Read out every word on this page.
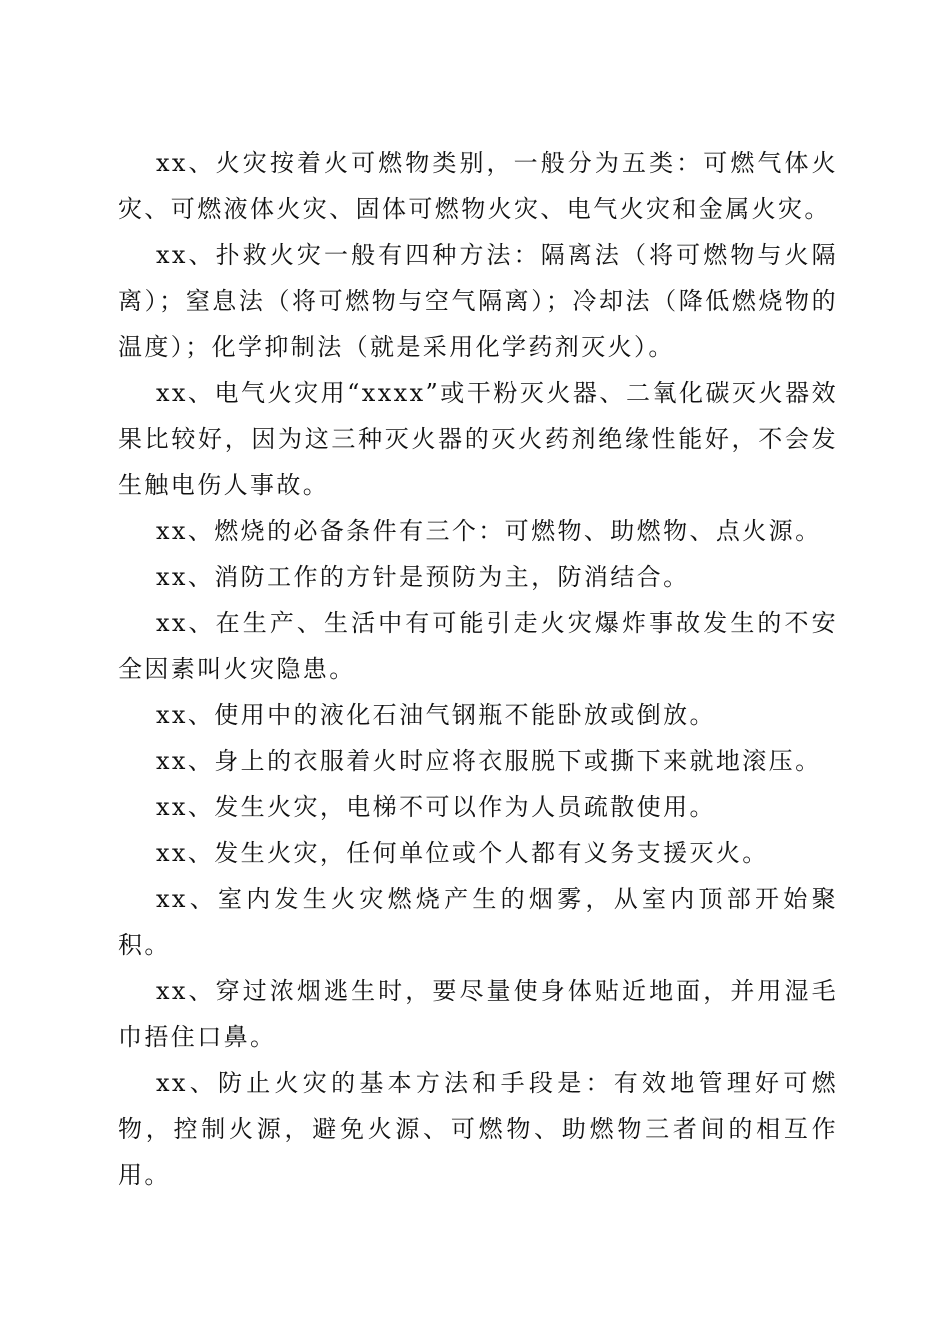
xx、火灾按着火可燃物类别，一般分为五类：可燃气体火灾、可燃液体火灾、固体可燃物火灾、电气火灾和金属火灾。

xx、扑救火灾一般有四种方法：隔离法（将可燃物与火隔离）；窒息法（将可燃物与空气隔离）；冷却法（降低燃烧物的温度）；化学抑制法（就是采用化学药剂灭火）。

xx、电气火灾用“xxxx”或干粉灭火器、二氧化碳灭火器效果比较好，因为这三种灭火器的灭火药剂绝缘性能好，不会发生触电伤人事故。

xx、燃烧的必备条件有三个：可燃物、助燃物、点火源。

xx、消防工作的方针是预防为主，防消结合。

xx、在生产、生活中有可能引走火灾爆炸事故发生的不安全因素叫火灾隐患。

xx、使用中的液化石油气钢瓶不能卧放或倒放。

xx、身上的衣服着火时应将衣服脱下或撕下来就地滚压。

xx、发生火灾，电梯不可以作为人员疏散使用。

xx、发生火灾，任何单位或个人都有义务支援灭火。

xx、室内发生火灾燃烧产生的烟雾，从室内顶部开始聚积。

xx、穿过浓烟逃生时，要尽量使身体贴近地面，并用湿毛巾捂住口鼻。

xx、防止火灾的基本方法和手段是：有效地管理好可燃物，控制火源，避免火源、可燃物、助燃物三者间的相互作用。
